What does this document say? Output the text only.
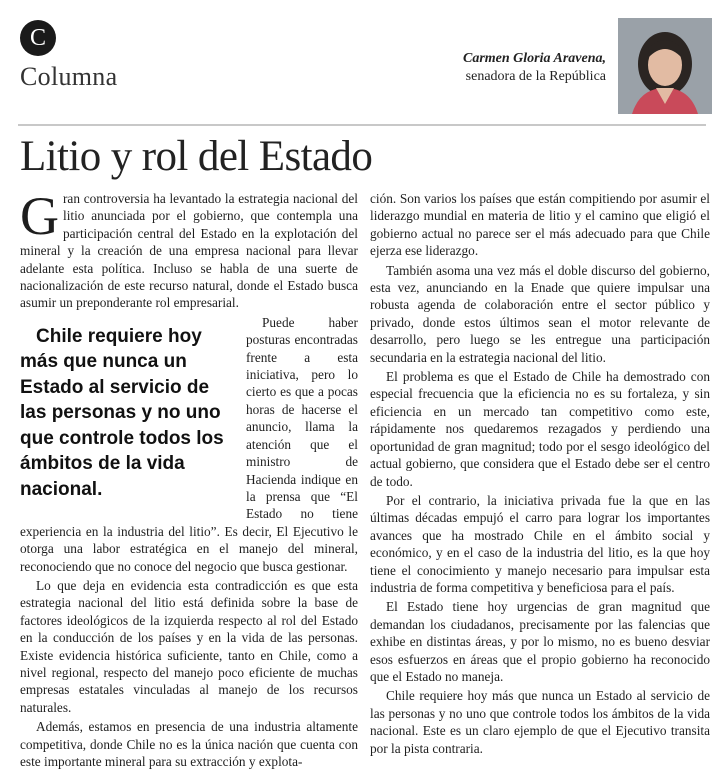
C
Columna
Carmen Gloria Aravena,
senadora de la República
Litio y rol del Estado

Gran controversia ha levantado la estrategia nacional del litio anunciada por el gobierno, que contempla una participación central del Estado en la explotación del mineral y la creación de una empresa nacional para llevar adelante esta política. Incluso se habla de una suerte de nacionalización de este recurso natural, donde el Estado busca asumir un preponderante rol empresarial.

Chile requiere hoy más que nunca un Estado al servicio de las personas y no uno que controle todos los ámbitos de la vida nacional.
Puede haber posturas encontradas frente a esta iniciativa, pero lo cierto es que a pocas horas de hacerse el anuncio, llama la atención que el ministro de Hacienda indique en la prensa que “El Estado no tiene experiencia en la industria del litio”. Es decir, El Ejecutivo le otorga una labor estratégica en el manejo del mineral, reconociendo que no conoce del negocio que busca gestionar.

Lo que deja en evidencia esta contradicción es que esta estrategia nacional del litio está definida sobre la base de factores ideológicos de la izquierda respecto al rol del Estado en la conducción de los países y en la vida de las personas. Existe evidencia histórica suficiente, tanto en Chile, como a nivel regional, respecto del manejo poco eficiente de muchas empresas estatales vinculadas al manejo de los recursos naturales.

Además, estamos en presencia de una industria altamente competitiva, donde Chile no es la única nación que cuenta con este importante mineral para su extracción y explota-

ción. Son varios los países que están compitiendo por asumir el liderazgo mundial en materia de litio y el camino que eligió el gobierno actual no parece ser el más adecuado para que Chile ejerza ese liderazgo.

También asoma una vez más el doble discurso del gobierno, esta vez, anunciando en la Enade que quiere impulsar una robusta agenda de colaboración entre el sector público y privado, donde estos últimos sean el motor relevante de desarrollo, pero luego se les entregue una participación secundaria en la estrategia nacional del litio.

El problema es que el Estado de Chile ha demostrado con especial frecuencia que la eficiencia no es su fortaleza, y sin eficiencia en un mercado tan competitivo como este, rápidamente nos quedaremos rezagados y perdiendo una oportunidad de gran magnitud; todo por el sesgo ideológico del actual gobierno, que considera que el Estado debe ser el centro de todo.

Por el contrario, la iniciativa privada fue la que en las últimas décadas empujó el carro para lograr los importantes avances que ha mostrado Chile en el ámbito social y económico, y en el caso de la industria del litio, es la que hoy tiene el conocimiento y manejo necesario para impulsar esta industria de forma competitiva y beneficiosa para el país.

El Estado tiene hoy urgencias de gran magnitud que demandan los ciudadanos, precisamente por las falencias que exhibe en distintas áreas, y por lo mismo, no es bueno desviar esos esfuerzos en áreas que el propio gobierno ha reconocido que el Estado no maneja.

Chile requiere hoy más que nunca un Estado al servicio de las personas y no uno que controle todos los ámbitos de la vida nacional. Este es un claro ejemplo de que el Ejecutivo transita por la pista contraria.
